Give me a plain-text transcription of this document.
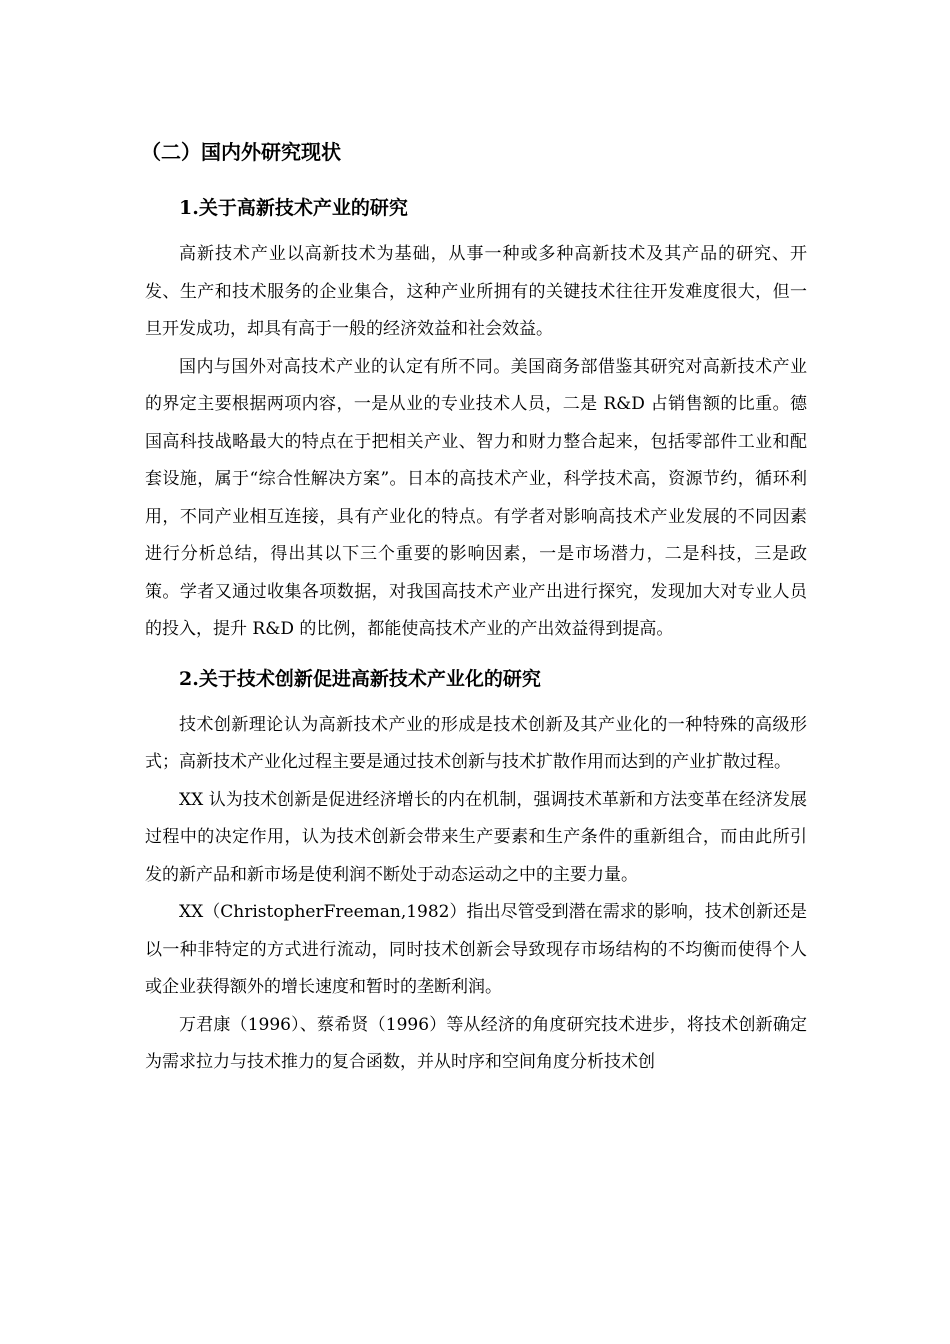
（二）国内外研究现状
1.关于高新技术产业的研究

高新技术产业以高新技术为基础，从事一种或多种高新技术及其产品的研究、开发、生产和技术服务的企业集合，这种产业所拥有的关键技术往往开发难度很大，但一旦开发成功，却具有高于一般的经济效益和社会效益。

国内与国外对高技术产业的认定有所不同。美国商务部借鉴其研究对高新技术产业的界定主要根据两项内容，一是从业的专业技术人员，二是 R&D 占销售额的比重。德国高科技战略最大的特点在于把相关产业、智力和财力整合起来，包括零部件工业和配套设施，属于“综合性解决方案”。日本的高技术产业，科学技术高，资源节约，循环利用，不同产业相互连接，具有产业化的特点。有学者对影响高技术产业发展的不同因素进行分析总结，得出其以下三个重要的影响因素，一是市场潜力，二是科技，三是政策。学者又通过收集各项数据，对我国高技术产业产出进行探究，发现加大对专业人员的投入，提升 R&D 的比例，都能使高技术产业的产出效益得到提高。

2.关于技术创新促进高新技术产业化的研究

技术创新理论认为高新技术产业的形成是技术创新及其产业化的一种特殊的高级形式；高新技术产业化过程主要是通过技术创新与技术扩散作用而达到的产业扩散过程。

XX 认为技术创新是促进经济增长的内在机制，强调技术革新和方法变革在经济发展过程中的决定作用，认为技术创新会带来生产要素和生产条件的重新组合，而由此所引发的新产品和新市场是使利润不断处于动态运动之中的主要力量。

XX（ChristopherFreeman,1982）指出尽管受到潜在需求的影响，技术创新还是以一种非特定的方式进行流动，同时技术创新会导致现存市场结构的不均衡而使得个人或企业获得额外的增长速度和暂时的垄断利润。

万君康（1996）、蔡希贤（1996）等从经济的角度研究技术进步，将技术创新确定为需求拉力与技术推力的复合函数，并从时序和空间角度分析技术创
